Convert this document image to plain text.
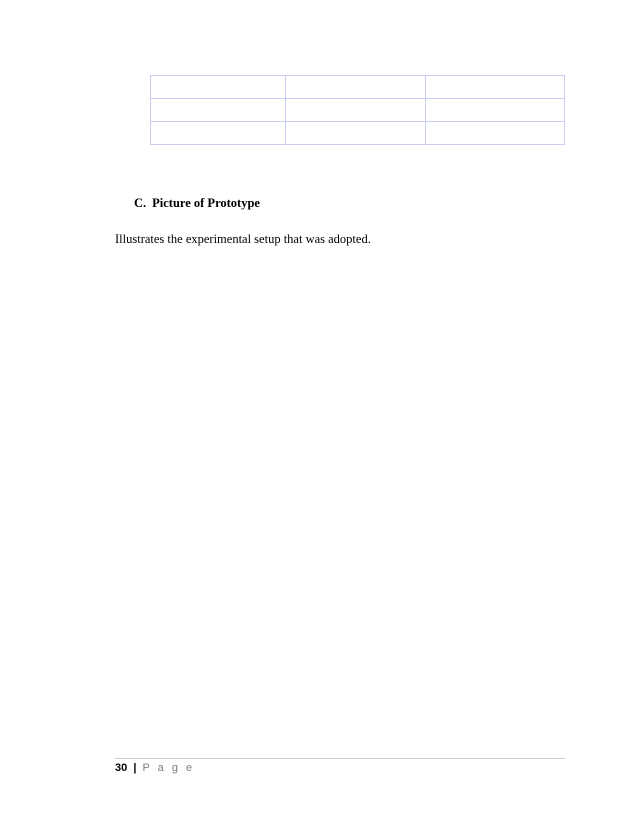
C. Picture of Prototype
Illustrates the experimental setup that was adopted.
30 | P a g e
